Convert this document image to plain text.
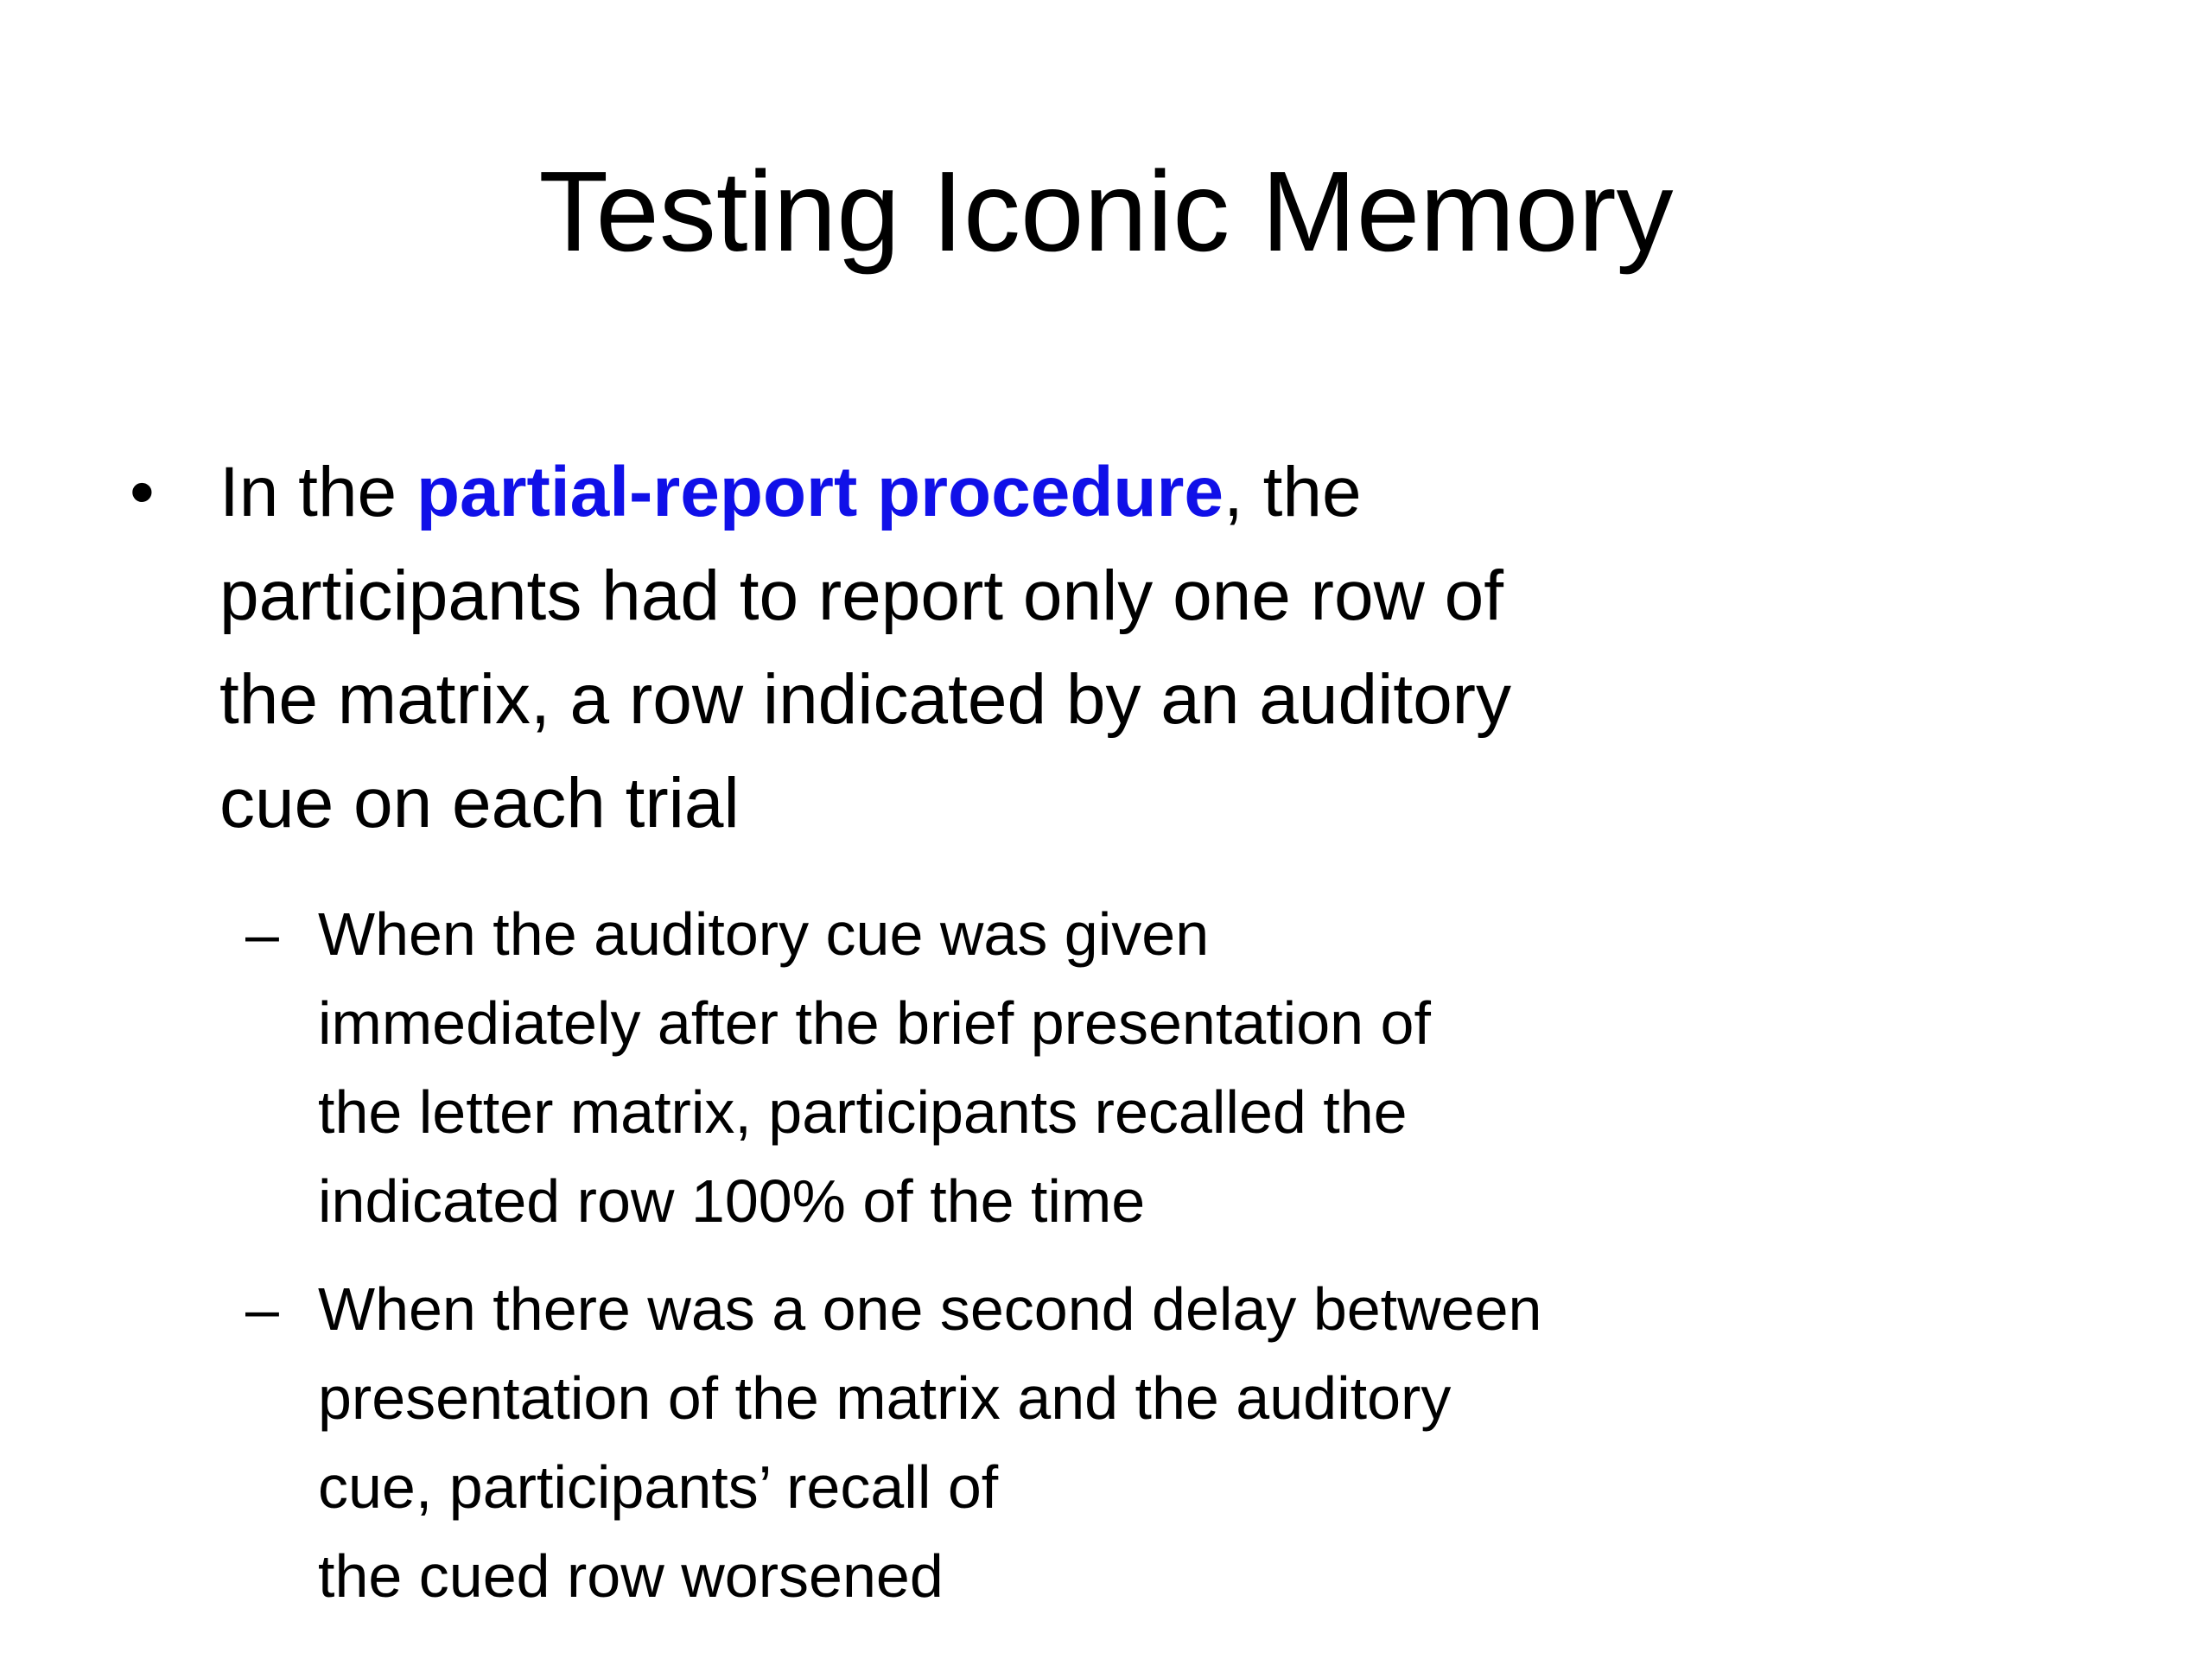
Testing Iconic Memory
• In the partial-report procedure, the
participants had to report only one row of
the matrix, a row indicated by an auditory
cue on each trial
– When the auditory cue was given
immediately after the brief presentation of
the letter matrix, participants recalled the
indicated row 100% of the time
– When there was a one second delay between
presentation of the matrix and the auditory
cue, participants’ recall of
the cued row worsened
